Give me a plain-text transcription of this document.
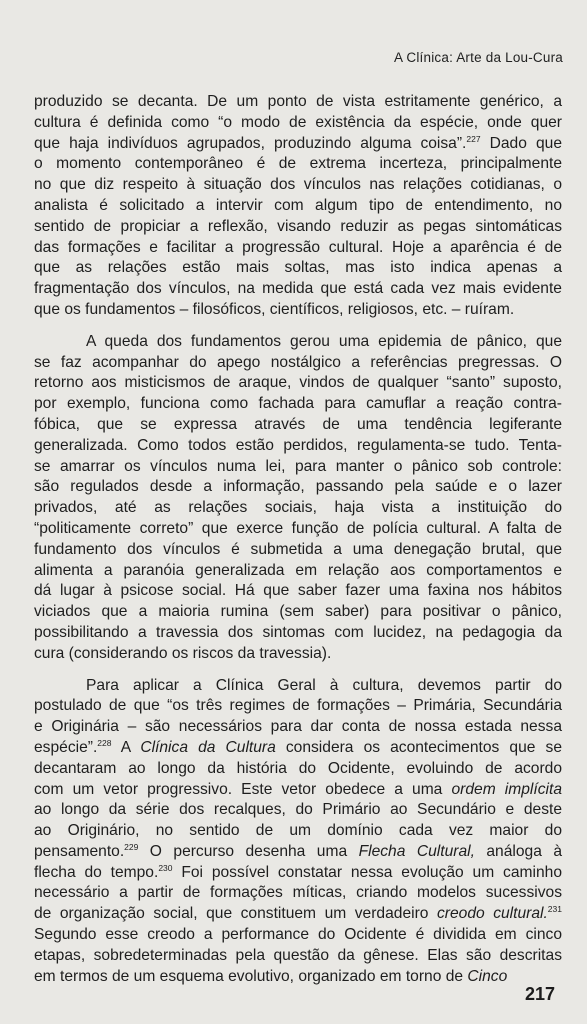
A Clínica: Arte da Lou-Cura
produzido se decanta. De um ponto de vista estritamente genérico, a
cultura é definida como “o modo de existência da espécie, onde quer
que haja indivíduos agrupados, produzindo alguma coisa”.$^{227}$ Dado que
o momento contemporâneo é de extrema incerteza, principalmente
no que diz respeito à situação dos vínculos nas relações cotidianas, o
analista é solicitado a intervir com algum tipo de entendimento, no
sentido de propiciar a reflexão, visando reduzir as pegas sintomáticas
das formações e facilitar a progressão cultural. Hoje a aparência é de
que as relações estão mais soltas, mas isto indica apenas a
fragmentação dos vínculos, na medida que está cada vez mais evidente
que os fundamentos – filosóficos, científicos, religiosos, etc. – ruíram.
A queda dos fundamentos gerou uma epidemia de pânico, que
se faz acompanhar do apego nostálgico a referências pregressas. O
retorno aos misticismos de araque, vindos de qualquer “santo” suposto,
por exemplo, funciona como fachada para camuflar a reação contra-
fóbica, que se expressa através de uma tendência legiferante
generalizada. Como todos estão perdidos, regulamenta-se tudo. Tenta-
se amarrar os vínculos numa lei, para manter o pânico sob controle:
são regulados desde a informação, passando pela saúde e o lazer
privados, até as relações sociais, haja vista a instituição do
“politicamente correto” que exerce função de polícia cultural. A falta de
fundamento dos vínculos é submetida a uma denegação brutal, que
alimenta a paranóia generalizada em relação aos comportamentos e
dá lugar à psicose social. Há que saber fazer uma faxina nos hábitos
viciados que a maioria rumina (sem saber) para positivar o pânico,
possibilitando a travessia dos sintomas com lucidez, na pedagogia da
cura (considerando os riscos da travessia).
Para aplicar a Clínica Geral à cultura, devemos partir do
postulado de que “os três regimes de formações – Primária, Secundária
e Originária – são necessários para dar conta de nossa estada nessa
espécie”.$^{228}$ A Clínica da Cultura considera os acontecimentos que se
decantaram ao longo da história do Ocidente, evoluindo de acordo
com um vetor progressivo. Este vetor obedece a uma ordem implícita
ao longo da série dos recalques, do Primário ao Secundário e deste
ao Originário, no sentido de um domínio cada vez maior do
pensamento.$^{229}$ O percurso desenha uma Flecha Cultural, análoga à
flecha do tempo.$^{230}$ Foi possível constatar nessa evolução um caminho
necessário a partir de formações míticas, criando modelos sucessivos
de organização social, que constituem um verdadeiro creodo cultural.$^{231}$
Segundo esse creodo a performance do Ocidente é dividida em cinco
etapas, sobredeterminadas pela questão da gênese. Elas são descritas
em termos de um esquema evolutivo, organizado em torno de Cinco
217
